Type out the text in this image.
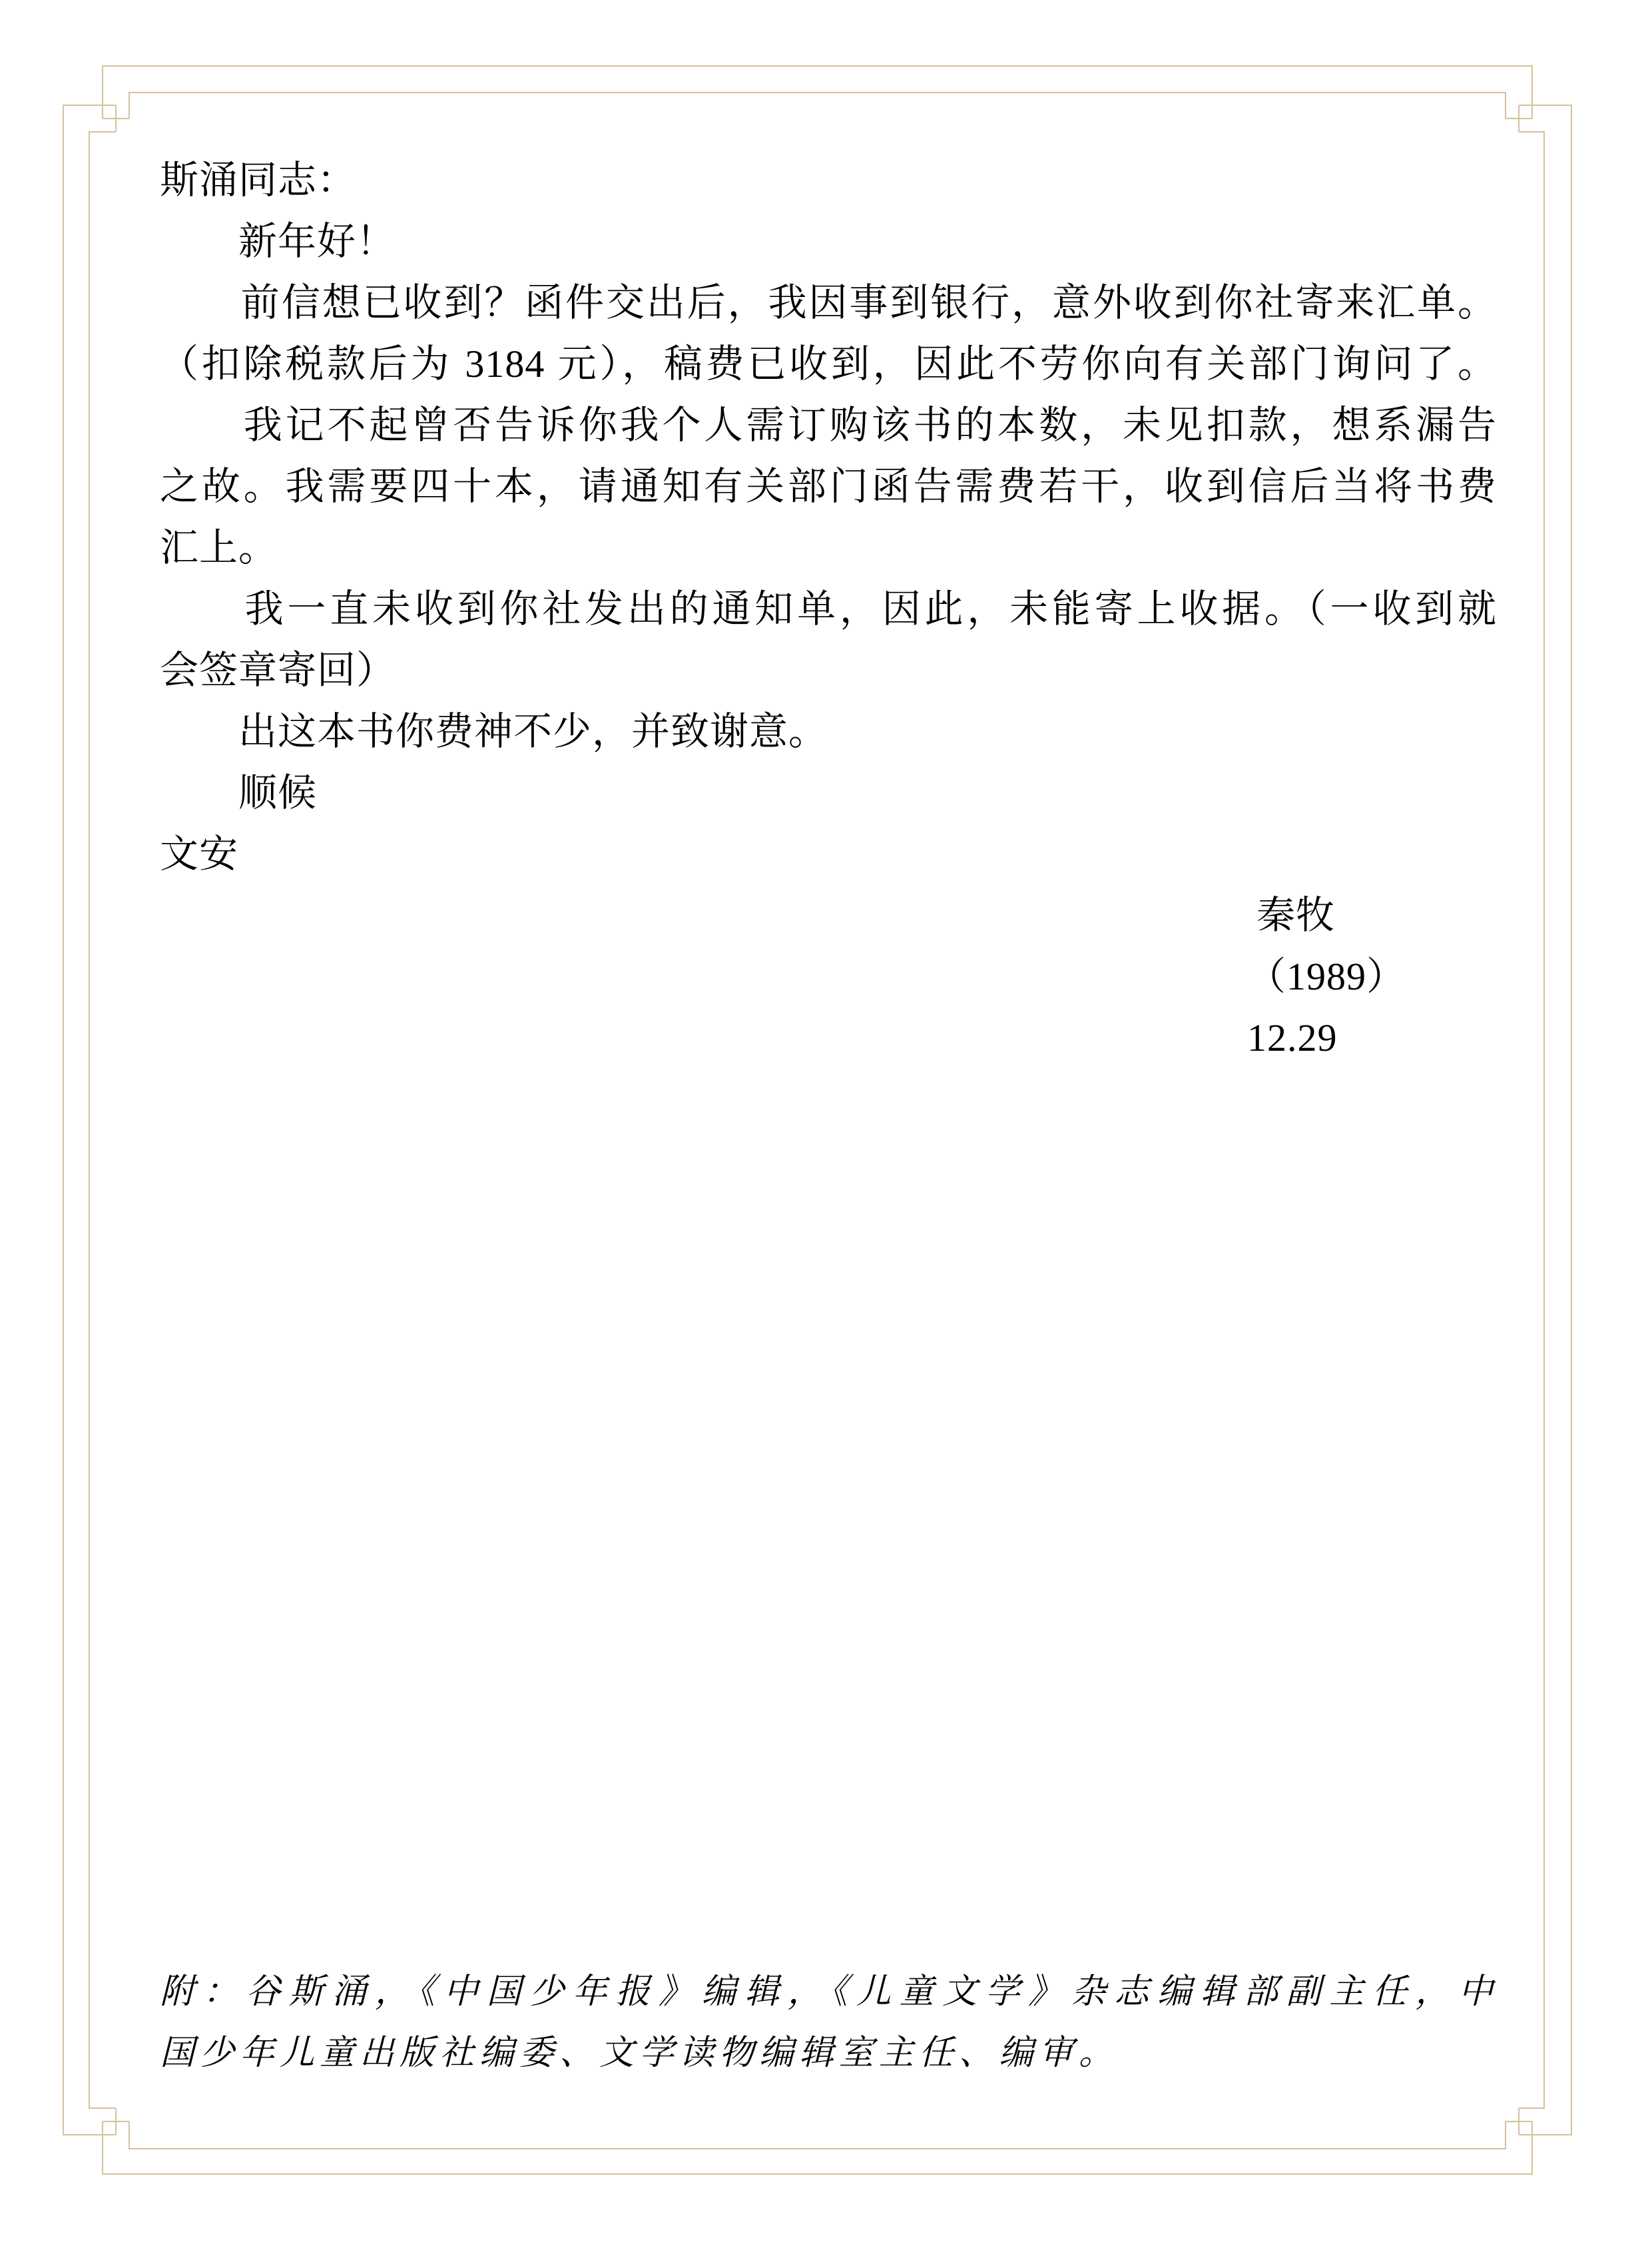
斯涌同志：
　　新年好！
　　前信想已收到？函件交出后，我因事到银行，意外收到你社寄来汇单。
（扣除税款后为 3184 元），稿费已收到，因此不劳你向有关部门询问了。
　　我记不起曾否告诉你我个人需订购该书的本数，未见扣款，想系漏告
之故。我需要四十本，请通知有关部门函告需费若干，收到信后当将书费
汇上。
　　我一直未收到你社发出的通知单，因此，未能寄上收据。（一收到就
会签章寄回）
　　出这本书你费神不少，并致谢意。
　　顺候
文安
秦牧
（1989） 12.29
附：谷斯涌，《中国少年报》编辑，《儿童文学》杂志编辑部副主任，中
国少年儿童出版社编委、文学读物编辑室主任、编审。
